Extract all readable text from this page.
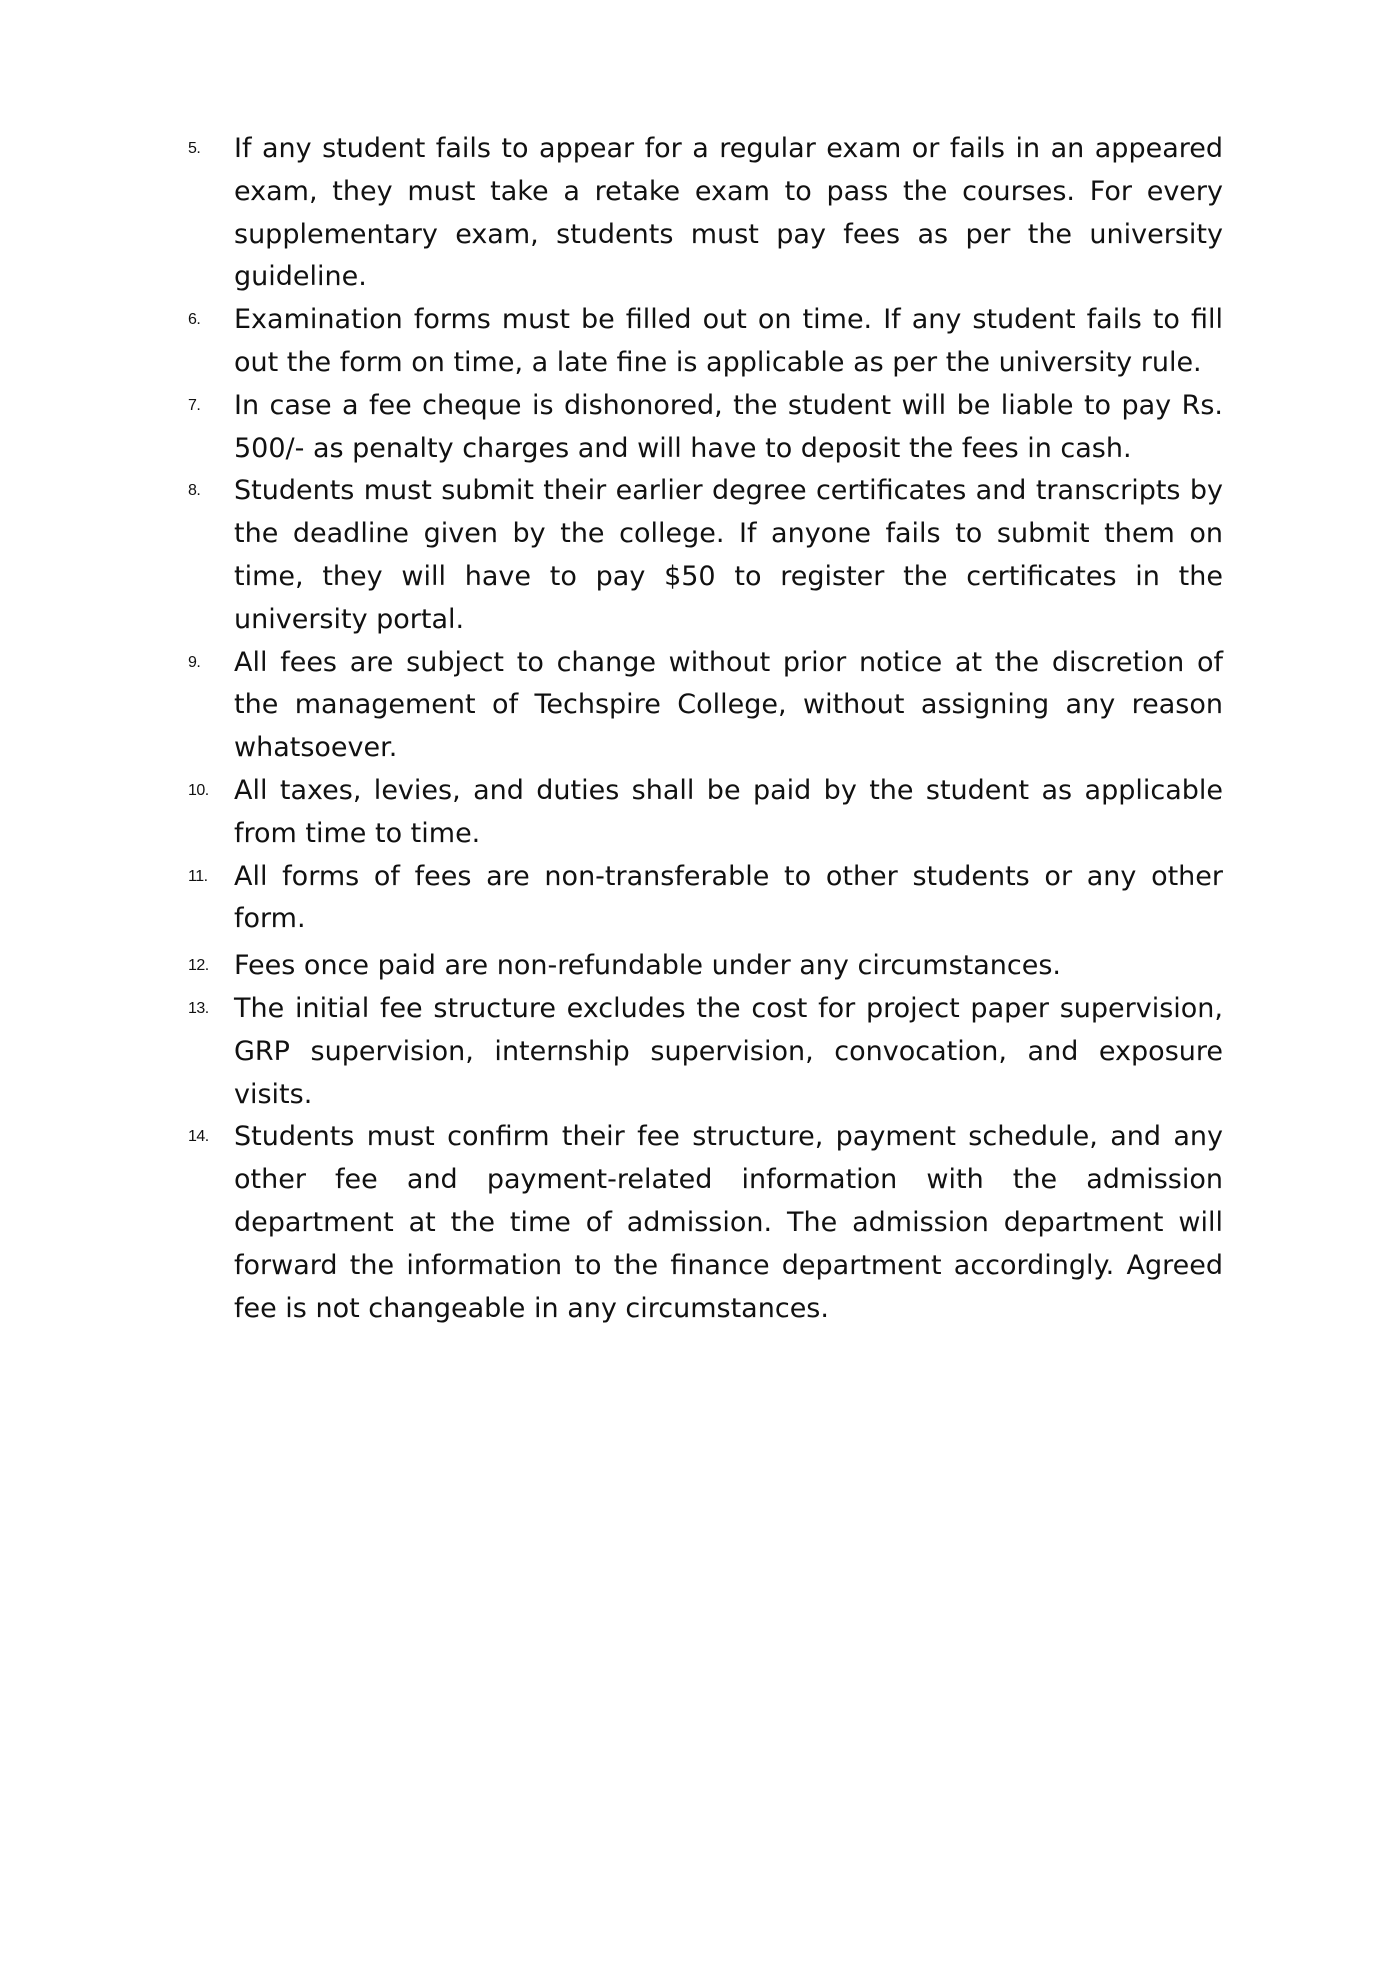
5.	If any student fails to appear for a regular exam or fails in an appeared exam, they must take a retake exam to pass the courses. For every supplementary exam, students must pay fees as per the university guideline.
6.	Examination forms must be filled out on time. If any student fails to fill out the form on time, a late fine is applicable as per the university rule.
7.	In case a fee cheque is dishonored, the student will be liable to pay Rs. 500/- as penalty charges and will have to deposit the fees in cash.
8.	Students must submit their earlier degree certificates and transcripts by the deadline given by the college. If anyone fails to submit them on time, they will have to pay $50 to register the certificates in the university portal.
9.	All fees are subject to change without prior notice at the discretion of the management of Techspire College, without assigning any reason whatsoever.
10. All taxes, levies, and duties shall be paid by the student as applicable from time to time.
11. All forms of fees are non-transferable to other students or any other form.
12. Fees once paid are non-refundable under any circumstances.
13. The initial fee structure excludes the cost for project paper supervision, GRP supervision, internship supervision, convocation, and exposure visits.
14. Students must confirm their fee structure, payment schedule, and any other fee and payment-related information with the admission department at the time of admission. The admission department will forward the information to the finance department accordingly. Agreed fee is not changeable in any circumstances.
